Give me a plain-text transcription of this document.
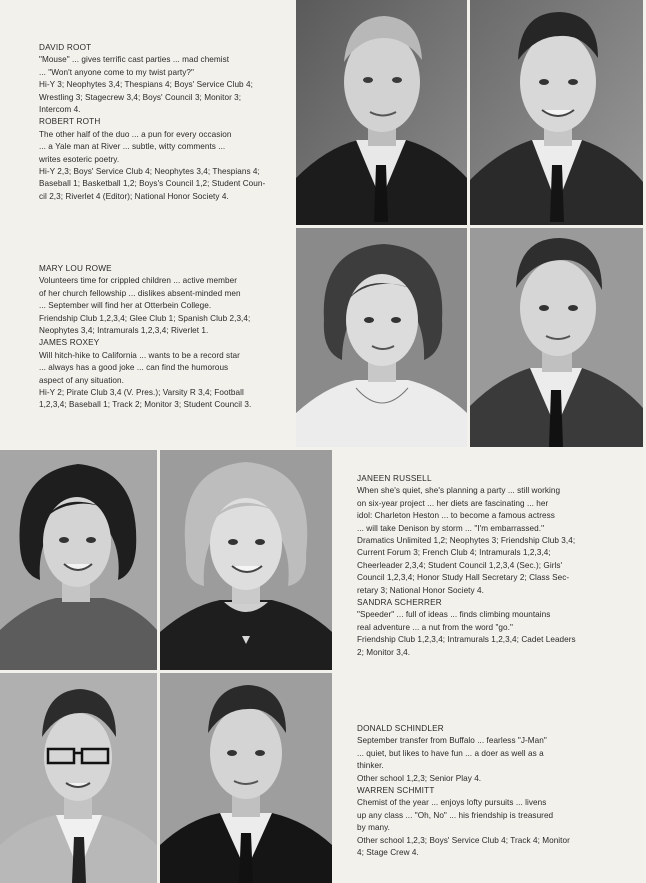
DAVID ROOT
"Mouse" ... gives terrific cast parties ... mad chemist
... "Won't anyone come to my twist party?"
Hi-Y 3; Neophytes 3,4; Thespians 4; Boys' Service Club 4;
Wrestling 3; Stagecrew 3,4; Boys' Council 3; Monitor 3;
Intercom 4.
ROBERT ROTH
The other half of the duo ... a pun for every occasion
... a Yale man at River ... subtle, witty comments ...
writes esoteric poetry.
Hi-Y 2,3; Boys' Service Club 4; Neophytes 3,4; Thespians 4;
Baseball 1; Basketball 1,2; Boys's Council 1,2; Student Coun-
cil 2,3; Riverlet 4 (Editor); National Honor Society 4.
MARY LOU ROWE
Volunteers time for crippled children ... active member
of her church fellowship ... dislikes absent-minded men
... September will find her at Otterbein College.
Friendship Club 1,2,3,4; Glee Club 1; Spanish Club 2,3,4;
Neophytes 3,4; Intramurals 1,2,3,4; Riverlet 1.
JAMES ROXEY
Will hitch-hike to California ... wants to be a record star
... always has a good joke ... can find the humorous
aspect of any situation.
Hi-Y 2; Pirate Club 3,4 (V. Pres.); Varsity R 3,4; Football
1,2,3,4; Baseball 1; Track 2; Monitor 3; Student Council 3.
JANEEN RUSSELL
When she's quiet, she's planning a party ... still working
on six-year project ... her diets are fascinating ... her
idol: Charleton Heston ... to become a famous actress
... will take Denison by storm ... "I'm embarrassed."
Dramatics Unlimited 1,2; Neophytes 3; Friendship Club 3,4;
Current Forum 3; French Club 4; Intramurals 1,2,3,4;
Cheerleader 2,3,4; Student Council 1,2,3,4 (Sec.); Girls'
Council 1,2,3,4; Honor Study Hall Secretary 2; Class Sec-
retary 3; National Honor Society 4.
SANDRA SCHERRER
"Speeder" ... full of ideas ... finds climbing mountains
real adventure ... a nut from the word "go."
Friendship Club 1,2,3,4; Intramurals 1,2,3,4; Cadet Leaders
2; Monitor 3,4.
DONALD SCHINDLER
September transfer from Buffalo ... fearless "J-Man"
... quiet, but likes to have fun ... a doer as well as a
thinker.
Other school 1,2,3; Senior Play 4.
WARREN SCHMITT
Chemist of the year ... enjoys lofty pursuits ... livens
up any class ... "Oh, No" ... his friendship is treasured
by many.
Other school 1,2,3; Boys' Service Club 4; Track 4; Monitor
4; Stage Crew 4.
